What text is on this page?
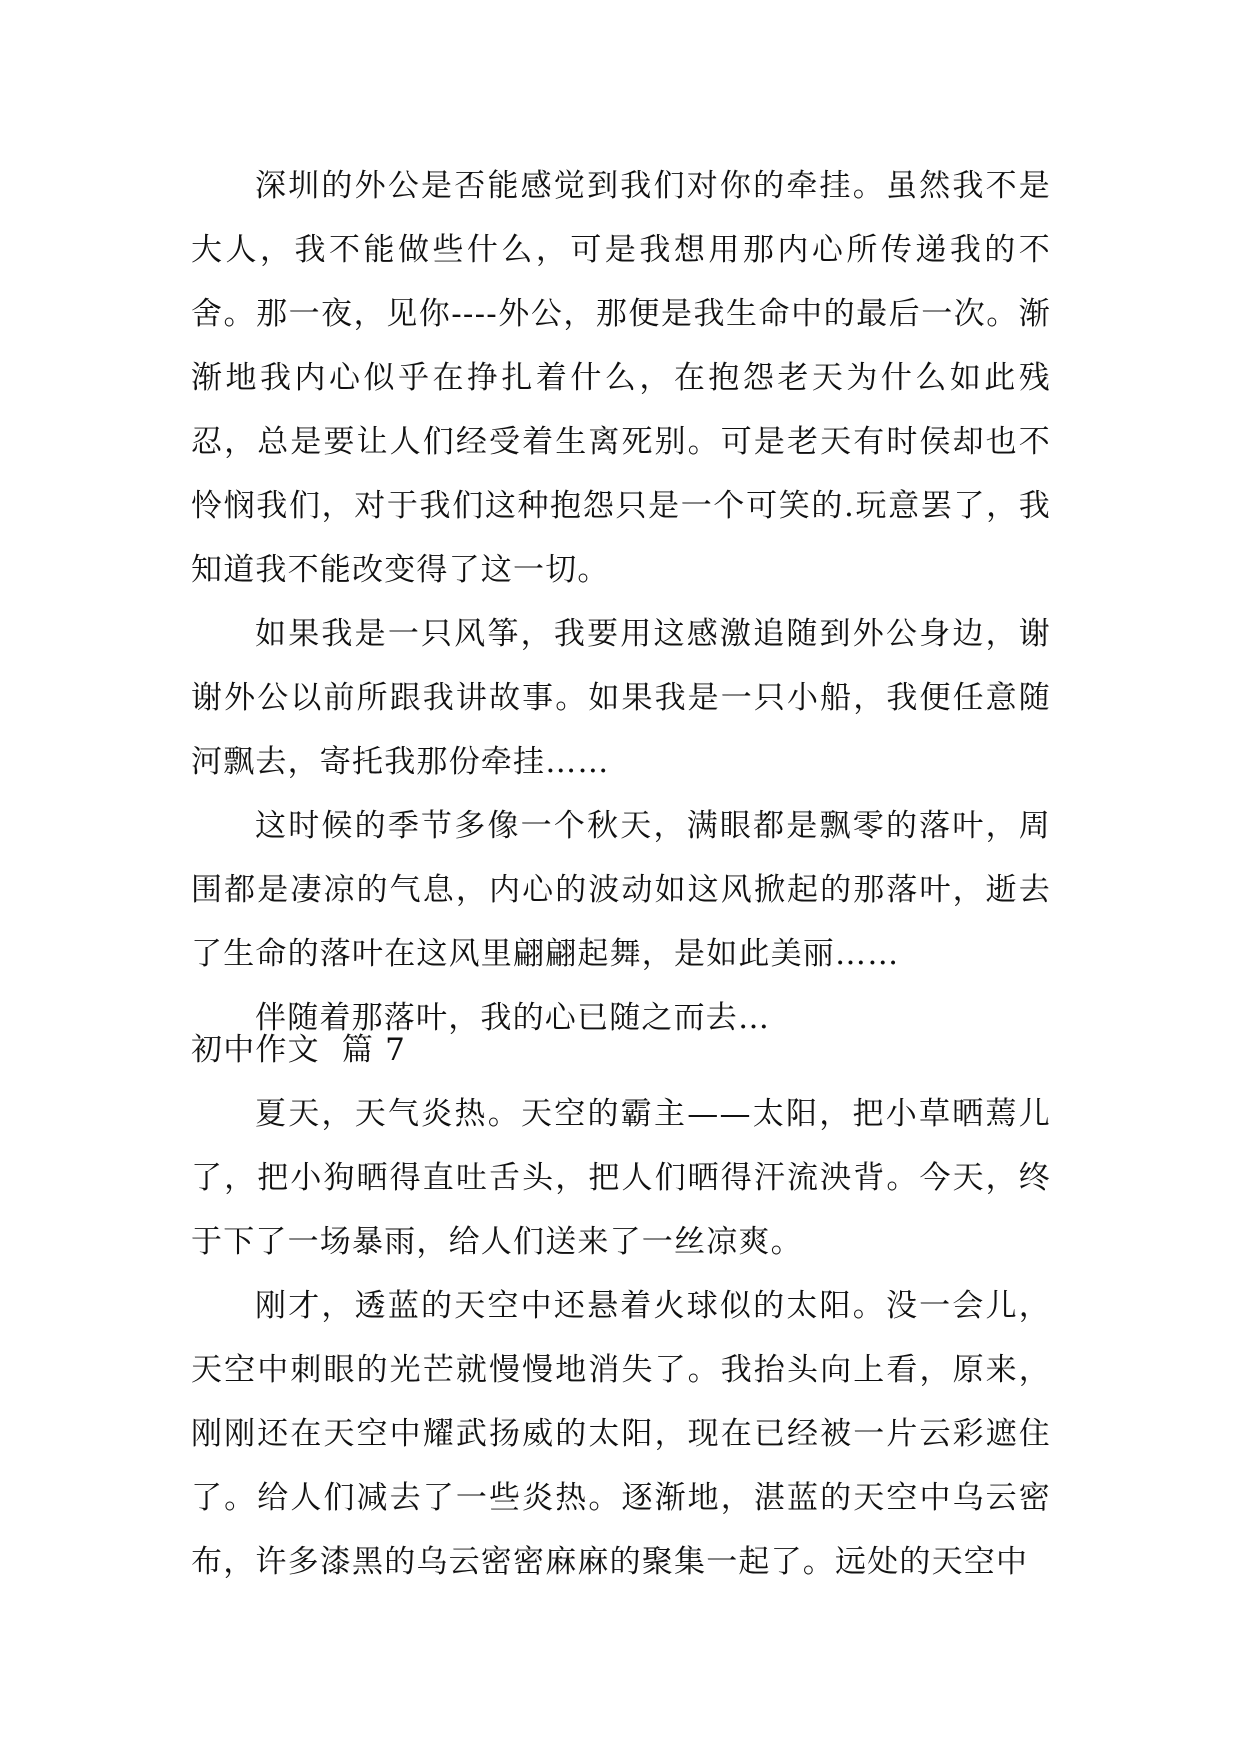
深圳的外公是否能感觉到我们对你的牵挂。虽然我不是大人，我不能做些什么，可是我想用那内心所传递我的不舍。那一夜，见你----外公，那便是我生命中的最后一次。渐渐地我内心似乎在挣扎着什么，在抱怨老天为什么如此残忍，总是要让人们经受着生离死别。可是老天有时侯却也不怜悯我们，对于我们这种抱怨只是一个可笑的.玩意罢了，我知道我不能改变得了这一切。

如果我是一只风筝，我要用这感激追随到外公身边，谢谢外公以前所跟我讲故事。如果我是一只小船，我便任意随河飘去，寄托我那份牵挂……

这时候的季节多像一个秋天，满眼都是飘零的落叶，周围都是凄凉的气息，内心的波动如这风掀起的那落叶，逝去了生命的落叶在这风里翩翩起舞，是如此美丽……

伴随着那落叶，我的心已随之而去…

初中作文  篇 7

夏天，天气炎热。天空的霸主——太阳，把小草晒蔫儿了，把小狗晒得直吐舌头，把人们晒得汗流泱背。今天，终于下了一场暴雨，给人们送来了一丝凉爽。

刚才，透蓝的天空中还悬着火球似的太阳。没一会儿，天空中刺眼的光芒就慢慢地消失了。我抬头向上看，原来，刚刚还在天空中耀武扬威的太阳，现在已经被一片云彩遮住了。给人们减去了一些炎热。逐渐地，湛蓝的天空中乌云密布，许多漆黑的乌云密密麻麻的聚集一起了。远处的天空中
